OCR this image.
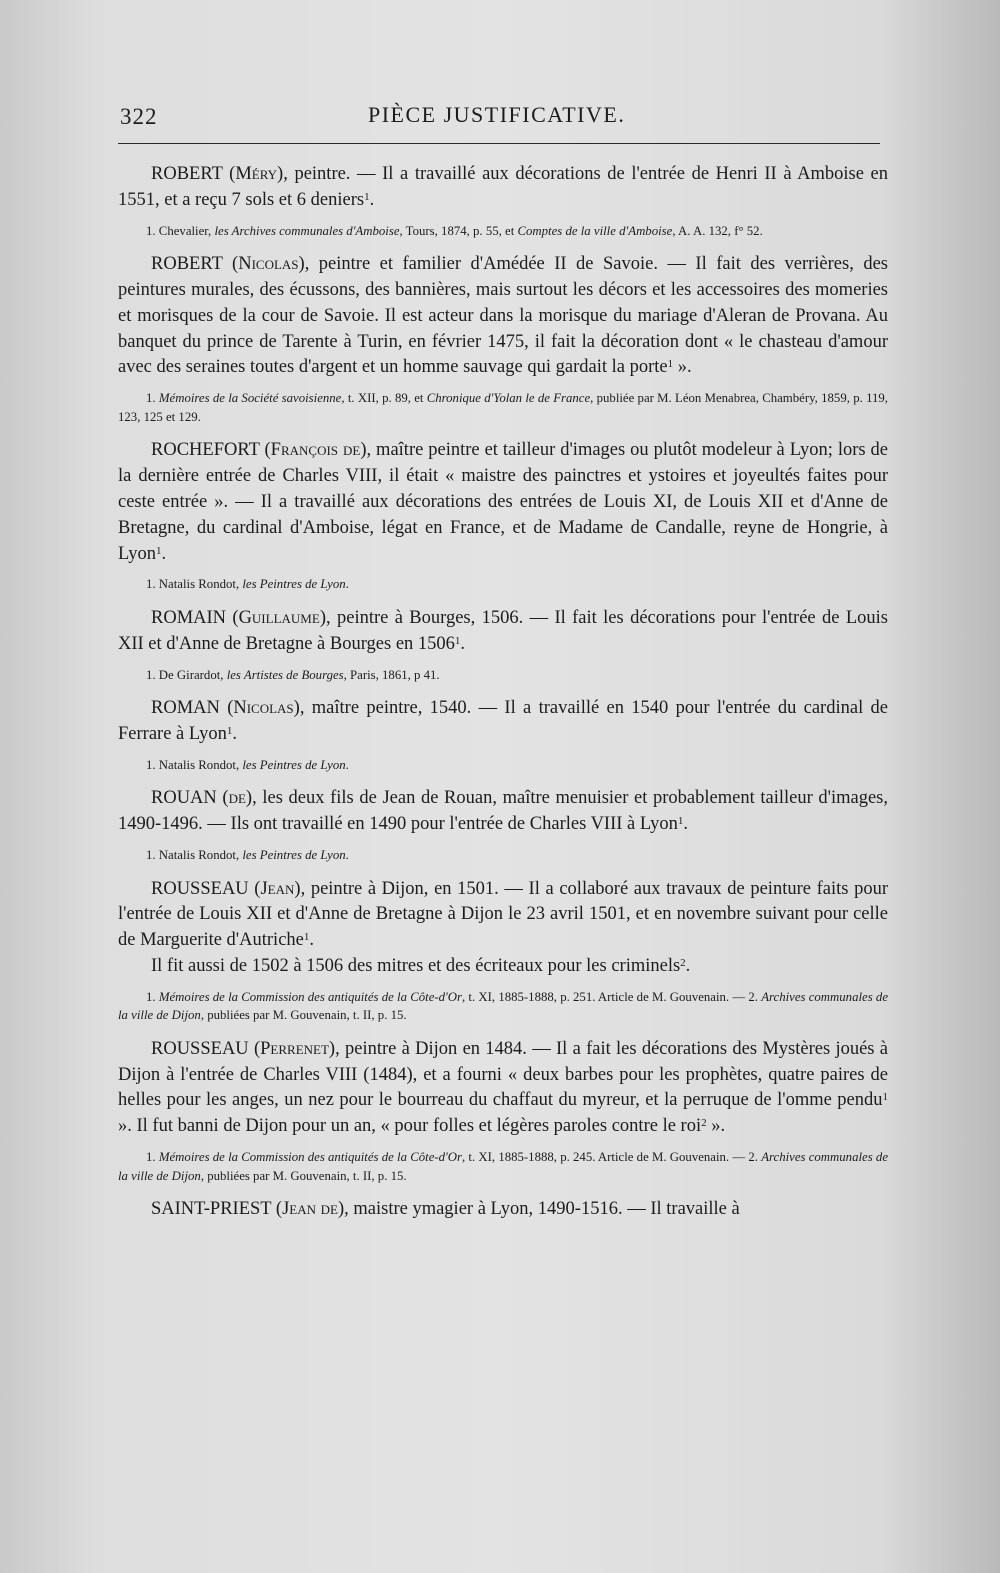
322	PIÈCE JUSTIFICATIVE.

ROBERT (Méry), peintre. — Il a travaillé aux décorations de l'entrée de Henri II à Amboise en 1551, et a reçu 7 sols et 6 deniers$^1$.

1. Chevalier, les Archives communales d'Amboise, Tours, 1874, p. 55, et Comptes de la ville d'Amboise, A. A. 132, f° 52.

ROBERT (Nicolas), peintre et familier d'Amédée II de Savoie. — Il fait des verrières, des peintures murales, des écussons, des bannières, mais surtout les décors et les accessoires des momeries et morisques de la cour de Savoie. Il est acteur dans la morisque du mariage d'Aleran de Provana. Au banquet du prince de Tarente à Turin, en février 1475, il fait la décoration dont « le chasteau d'amour avec des seraines toutes d'argent et un homme sauvage qui gardait la porte$^1$ ».

1. Mémoires de la Société savoisienne, t. XII, p. 89, et Chronique d'Yolan le de France, publiée par M. Léon Menabrea, Chambéry, 1859, p. 119, 123, 125 et 129.

ROCHEFORT (François de), maître peintre et tailleur d'images ou plutôt modeleur à Lyon; lors de la dernière entrée de Charles VIII, il était « maistre des painctres et ystoires et joyeultés faites pour ceste entrée ». — Il a travaillé aux décorations des entrées de Louis XI, de Louis XII et d'Anne de Bretagne, du cardinal d'Amboise, légat en France, et de Madame de Candalle, reyne de Hongrie, à Lyon$^1$.

1. Natalis Rondot, les Peintres de Lyon.

ROMAIN (Guillaume), peintre à Bourges, 1506. — Il fait les décorations pour l'entrée de Louis XII et d'Anne de Bretagne à Bourges en 1506$^1$.

1. De Girardot, les Artistes de Bourges, Paris, 1861, p 41.

ROMAN (Nicolas), maître peintre, 1540. — Il a travaillé en 1540 pour l'entrée du cardinal de Ferrare à Lyon$^1$.

1. Natalis Rondot, les Peintres de Lyon.

ROUAN (de), les deux fils de Jean de Rouan, maître menuisier et probablement tailleur d'images, 1490-1496. — Ils ont travaillé en 1490 pour l'entrée de Charles VIII à Lyon$^1$.

1. Natalis Rondot, les Peintres de Lyon.

ROUSSEAU (Jean), peintre à Dijon, en 1501. — Il a collaboré aux travaux de peinture faits pour l'entrée de Louis XII et d'Anne de Bretagne à Dijon le 23 avril 1501, et en novembre suivant pour celle de Marguerite d'Autriche$^1$.

Il fit aussi de 1502 à 1506 des mitres et des écriteaux pour les criminels$^2$.

1. Mémoires de la Commission des antiquités de la Côte-d'Or, t. XI, 1885-1888, p. 251. Article de M. Gouvenain. — 2. Archives communales de la ville de Dijon, publiées par M. Gouvenain, t. II, p. 15.

ROUSSEAU (Perrenet), peintre à Dijon en 1484. — Il a fait les décorations des Mystères joués à Dijon à l'entrée de Charles VIII (1484), et a fourni « deux barbes pour les prophètes, quatre paires de helles pour les anges, un nez pour le bourreau du chaffaut du myreur, et la perruque de l'omme pendu$^1$ ». Il fut banni de Dijon pour un an, « pour folles et légères paroles contre le roi$^2$ ».

1. Mémoires de la Commission des antiquités de la Côte-d'Or, t. XI, 1885-1888, p. 245. Article de M. Gouvenain. — 2. Archives communales de la ville de Dijon, publiées par M. Gouvenain, t. II, p. 15.

SAINT-PRIEST (Jean de), maistre ymagier à Lyon, 1490-1516. — Il travaille à
